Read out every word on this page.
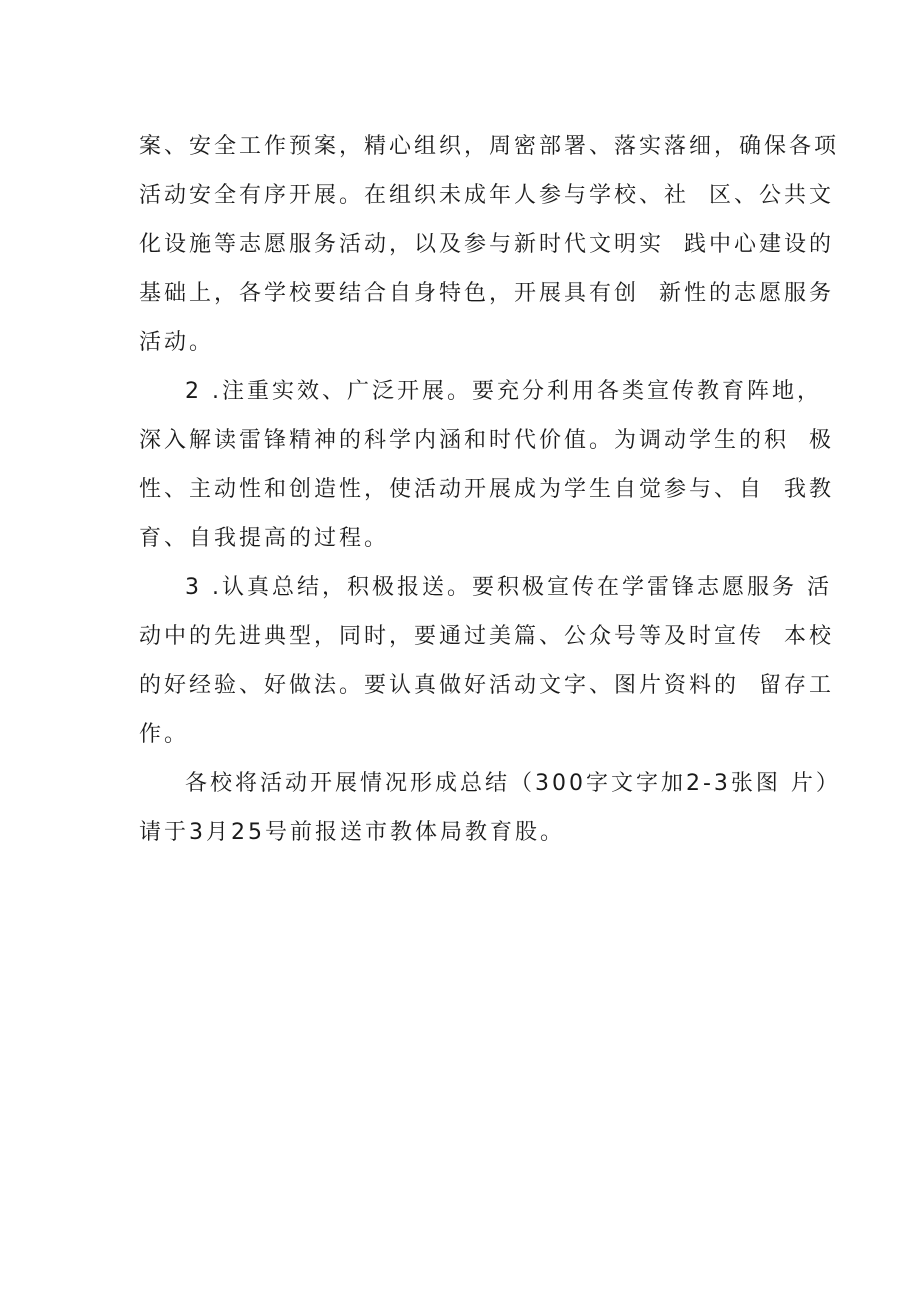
案、安全工作预案，精心组织，周密部署、落实落细，确保各项
活动安全有序开展。在组织未成年人参与学校、社  区、公共文
化设施等志愿服务活动，以及参与新时代文明实  践中心建设的
基础上，各学校要结合自身特色，开展具有创  新性的志愿服务
活动。
2 .注重实效、广泛开展。要充分利用各类宣传教育阵地，
深入解读雷锋精神的科学内涵和时代价值。为调动学生的积  极
性、主动性和创造性，使活动开展成为学生自觉参与、自  我教
育、自我提高的过程。
3 .认真总结，积极报送。要积极宣传在学雷锋志愿服务 活
动中的先进典型，同时，要通过美篇、公众号等及时宣传  本校
的好经验、好做法。要认真做好活动文字、图片资料的  留存工
作。
各校将活动开展情况形成总结（300字文字加2-3张图 片）
请于3月25号前报送市教体局教育股。
